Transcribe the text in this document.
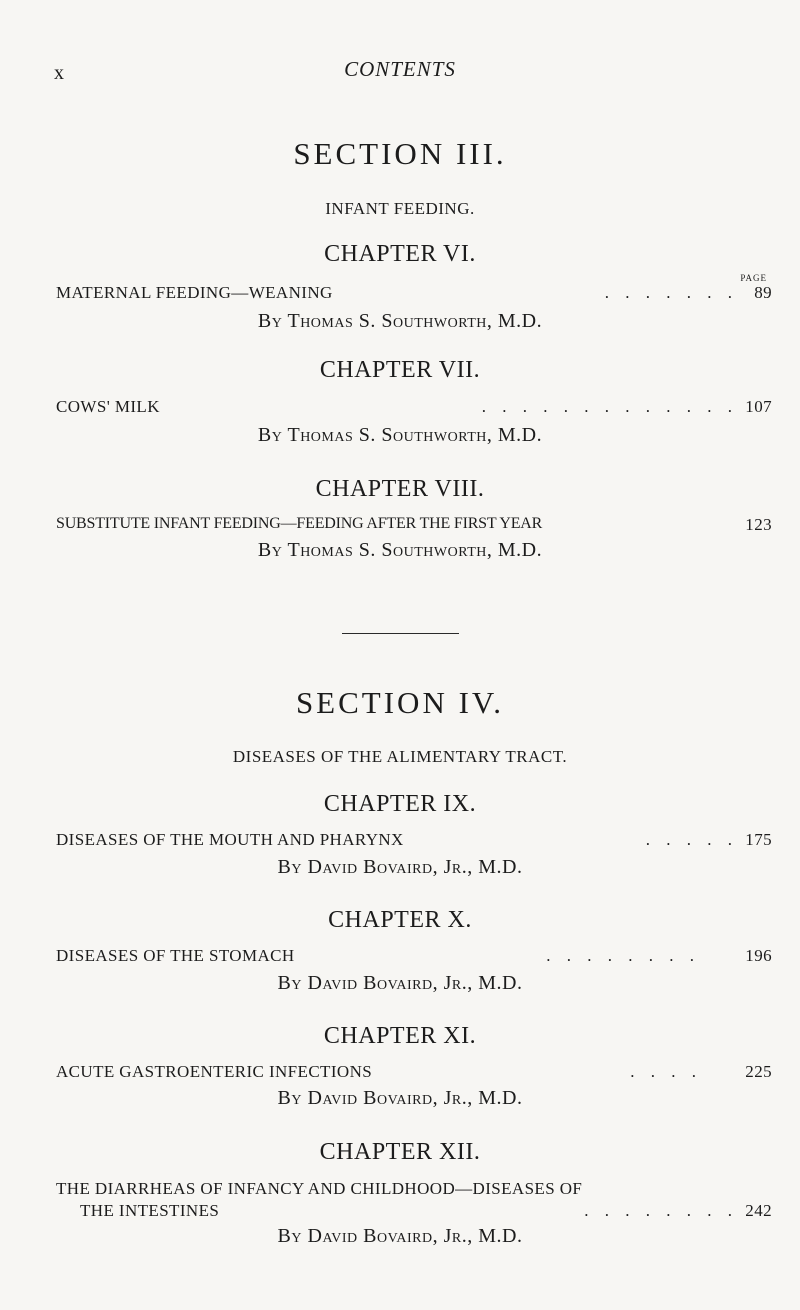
x	CONTENTS
SECTION III.
INFANT FEEDING.
CHAPTER VI.
PAGE
MATERNAL FEEDING—WEANING	. . . . . . . 89
By Thomas S. Southworth, M.D.
CHAPTER VII.
COWS' MILK	. . . . . . . . . . . . . 107
By Thomas S. Southworth, M.D.
CHAPTER VIII.
SUBSTITUTE INFANT FEEDING—FEEDING AFTER THE FIRST YEAR	123
By Thomas S. Southworth, M.D.
SECTION IV.
DISEASES OF THE ALIMENTARY TRACT.
CHAPTER IX.
DISEASES OF THE MOUTH AND PHARYNX	. . . . . 175
By David Bovaird, Jr., M.D.
CHAPTER X.
DISEASES OF THE STOMACH	. . . . . . . .	196
By David Bovaird, Jr., M.D.
CHAPTER XI.
ACUTE GASTROENTERIC INFECTIONS	. . . .	225
By David Bovaird, Jr., M.D.
CHAPTER XII.
THE DIARRHEAS OF INFANCY AND CHILDHOOD—DISEASES OF
THE INTESTINES	. . . . . . . . 242
By David Bovaird, Jr., M.D.
